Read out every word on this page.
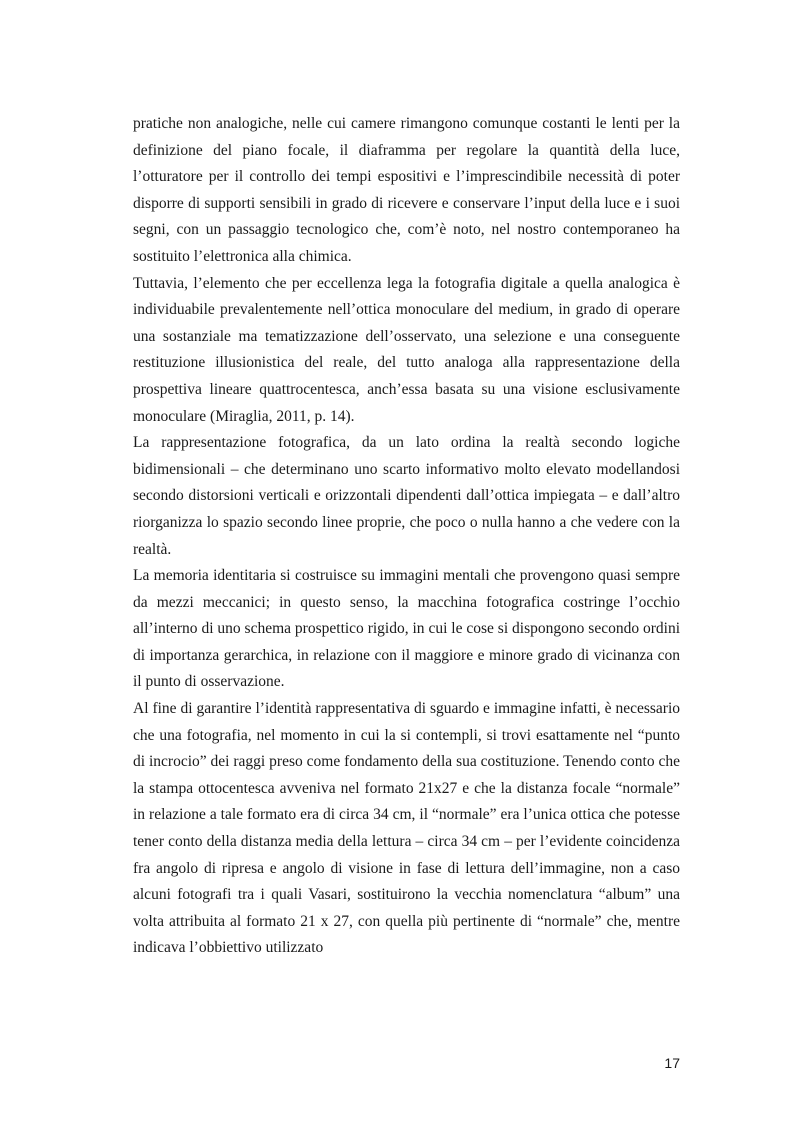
pratiche non analogiche, nelle cui camere rimangono comunque costanti le lenti per la definizione del piano focale, il diaframma per regolare la quantità della luce, l’otturatore per il controllo dei tempi espositivi e l’imprescindibile necessità di poter disporre di supporti sensibili in grado di ricevere e conservare l’input della luce e i suoi segni, con un passaggio tecnologico che, com’è noto, nel nostro contemporaneo ha sostituito l’elettronica alla chimica.

Tuttavia, l’elemento che per eccellenza lega la fotografia digitale a quella analogica è individuabile prevalentemente nell’ottica monoculare del medium, in grado di operare una sostanziale ma tematizzazione dell’osservato, una selezione e una conseguente restituzione illusionistica del reale, del tutto analoga alla rappresentazione della prospettiva lineare quattrocentesca, anch’essa basata su una visione esclusivamente monoculare (Miraglia, 2011, p. 14).

La rappresentazione fotografica, da un lato ordina la realtà secondo logiche bidimensionali – che determinano uno scarto informativo molto elevato modellandosi secondo distorsioni verticali e orizzontali dipendenti dall’ottica impiegata – e dall’altro riorganizza lo spazio secondo linee proprie, che poco o nulla hanno a che vedere con la realtà.

La memoria identitaria si costruisce su immagini mentali che provengono quasi sempre da mezzi meccanici; in questo senso, la macchina fotografica costringe l’occhio all’interno di uno schema prospettico rigido, in cui le cose si dispongono secondo ordini di importanza gerarchica, in relazione con il maggiore e minore grado di vicinanza con il punto di osservazione.

Al fine di garantire l’identità rappresentativa di sguardo e immagine infatti, è necessario che una fotografia, nel momento in cui la si contempli, si trovi esattamente nel “punto di incrocio” dei raggi preso come fondamento della sua costituzione. Tenendo conto che la stampa ottocentesca avveniva nel formato 21x27 e che la distanza focale “normale” in relazione a tale formato era di circa 34 cm, il “normale” era l’unica ottica che potesse tener conto della distanza media della lettura – circa 34 cm – per l’evidente coincidenza fra angolo di ripresa e angolo di visione in fase di lettura dell’immagine, non a caso alcuni fotografi tra i quali Vasari, sostituirono la vecchia nomenclatura “album” una volta attribuita al formato 21 x 27, con quella più pertinente di “normale” che, mentre indicava l’obbiettivo utilizzato

17
